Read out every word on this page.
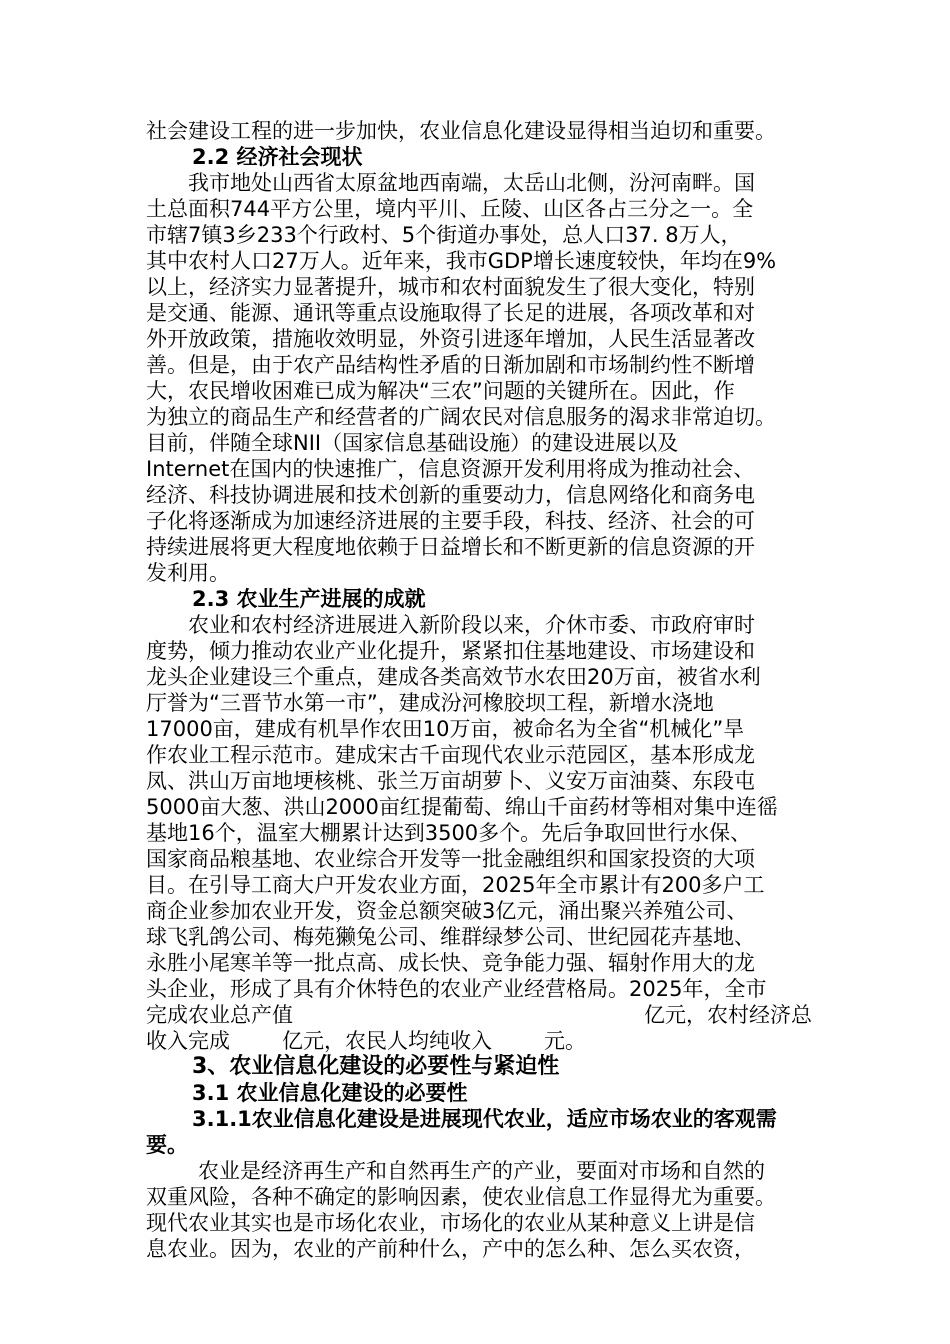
社会建设工程的进一步加快，农业信息化建设显得相当迫切和重要。
2.2 经济社会现状
我市地处山西省太原盆地西南端，太岳山北侧，汾河南畔。国
土总面积744平方公里，境内平川、丘陵、山区各占三分之一。全
市辖7镇3乡233个行政村、5个街道办事处，总人口37. 8万人，
其中农村人口27万人。近年来，我市GDP增长速度较快，年均在9%
以上，经济实力显著提升，城市和农村面貌发生了很大变化，特别
是交通、能源、通讯等重点设施取得了长足的进展，各项改革和对
外开放政策，措施收效明显，外资引进逐年增加，人民生活显著改
善。但是，由于农产品结构性矛盾的日渐加剧和市场制约性不断增
大，农民增收困难已成为解决“三农”问题的关键所在。因此，作
为独立的商品生产和经营者的广阔农民对信息服务的渴求非常迫切。
目前，伴随全球NII（国家信息基础设施）的建设进展以及
Internet在国内的快速推广，信息资源开发利用将成为推动社会、
经济、科技协调进展和技术创新的重要动力，信息网络化和商务电
子化将逐渐成为加速经济进展的主要手段，科技、经济、社会的可
持续进展将更大程度地依赖于日益增长和不断更新的信息资源的开
发利用。
2.3 农业生产进展的成就
农业和农村经济进展进入新阶段以来，介休市委、市政府审时
度势，倾力推动农业产业化提升，紧紧扣住基地建设、市场建设和
龙头企业建设三个重点，建成各类高效节水农田20万亩，被省水利
厅誉为“三晋节水第一市”，建成汾河橡胶坝工程，新增水浇地
17000亩，建成有机旱作农田10万亩，被命名为全省“机械化”旱
作农业工程示范市。建成宋古千亩现代农业示范园区，基本形成龙
凤、洪山万亩地埂核桃、张兰万亩胡萝卜、义安万亩油葵、东段屯
5000亩大葱、洪山2000亩红提葡萄、绵山千亩药材等相对集中连徭
基地16个，温室大棚累计达到3500多个。先后争取回世行水保、
国家商品粮基地、农业综合开发等一批金融组织和国家投资的大项
目。在引导工商大户开发农业方面，2025年全市累计有200多户工
商企业参加农业开发，资金总额突破3亿元，涌出聚兴养殖公司、
球飞乳鸽公司、梅苑獭兔公司、维群绿梦公司、世纪园花卉基地、
永胜小尾寒羊等一批点高、成长快、竞争能力强、辐射作用大的龙
头企业，形成了具有介休特色的农业产业经营格局。2025年，全市
完成农业总产值	亿元，农村经济总
收入完成 亿元，农民人均纯收入 元。
3、农业信息化建设的必要性与紧迫性
3.1 农业信息化建设的必要性
3.1.1农业信息化建设是进展现代农业，适应市场农业的客观需
要。
农业是经济再生产和自然再生产的产业，要面对市场和自然的
双重风险，各种不确定的影响因素，使农业信息工作显得尤为重要。
现代农业其实也是市场化农业，市场化的农业从某种意义上讲是信
息农业。因为，农业的产前种什么，产中的怎么种、怎么买农资，
